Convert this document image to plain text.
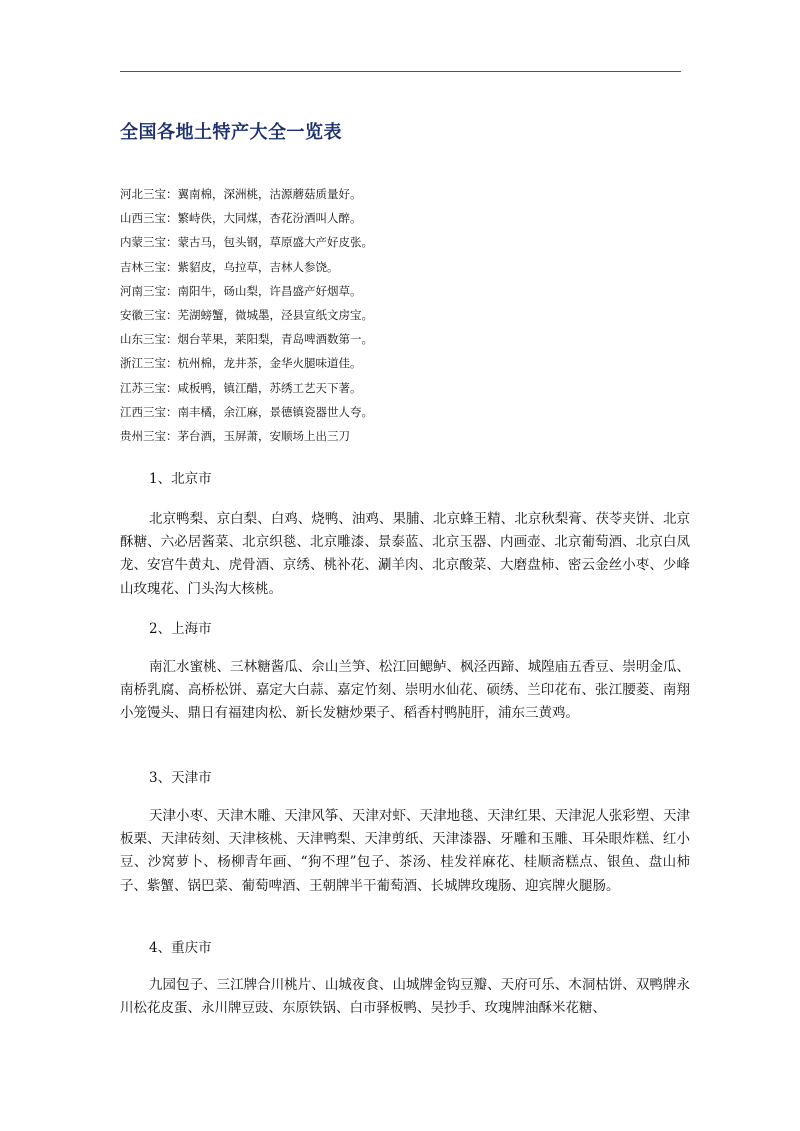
全国各地土特产大全一览表
河北三宝：翼南棉，深洲桃，沽源蘑菇质量好。
山西三宝：繁峙佚，大同煤，杏花汾酒叫人醉。
内蒙三宝：蒙古马，包头钢，草原盛大产好皮张。
吉林三宝：紫貂皮，乌拉草，吉林人参饶。
河南三宝：南阳牛，砀山梨，许昌盛产好烟草。
安徽三宝：芜湖螃蟹，微城墨，泾县宣纸文房宝。
山东三宝：烟台苹果，莱阳梨，青岛啤酒数第一。
浙江三宝：杭州棉，龙井茶，金华火腿味道佳。
江苏三宝：咸板鸭，镇江醋，苏绣工艺天下著。
江西三宝：南丰橘，余江麻，景德镇瓷器世人夸。
贵州三宝：茅台酒，玉屏萧，安顺场上出三刀
1、北京市

北京鸭梨、京白梨、白鸡、烧鸭、油鸡、果脯、北京蜂王精、北京秋梨膏、茯苓夹饼、北京酥糖、六必居酱菜、北京织毯、北京雕漆、景泰蓝、北京玉器、内画壶、北京葡萄酒、北京白凤龙、安宫牛黄丸、虎骨酒、京绣、桃补花、涮羊肉、北京酸菜、大磨盘柿、密云金丝小枣、少峰山玫瑰花、门头沟大核桃。

2、上海市

南汇水蜜桃、三林糖酱瓜、佘山兰笋、松江回鳃鲈、枫泾西蹄、城隍庙五香豆、崇明金瓜、南桥乳腐、高桥松饼、嘉定大白蒜、嘉定竹刻、崇明水仙花、硕绣、兰印花布、张江腰菱、南翔小笼馒头、鼎日有福建肉松、新长发糖炒栗子、稻香村鸭肫肝，浦东三黄鸡。

3、天津市

天津小枣、天津木雕、天津风筝、天津对虾、天津地毯、天津红果、天津泥人张彩塑、天津板栗、天津砖刻、天津核桃、天津鸭梨、天津剪纸、天津漆器、牙雕和玉雕、耳朵眼炸糕、红小豆、沙窝萝卜、杨柳青年画、“狗不理”包子、茶汤、桂发祥麻花、桂顺斋糕点、银鱼、盘山柿子、紫蟹、锅巴菜、葡萄啤酒、王朝牌半干葡萄酒、长城牌玫瑰肠、迎宾牌火腿肠。

4、重庆市

九园包子、三江牌合川桃片、山城夜食、山城牌金钩豆瓣、天府可乐、木洞枯饼、双鸭牌永川松花皮蛋、永川牌豆豉、东原铁锅、白市驿板鸭、吴抄手、玫瑰牌油酥米花糖、
